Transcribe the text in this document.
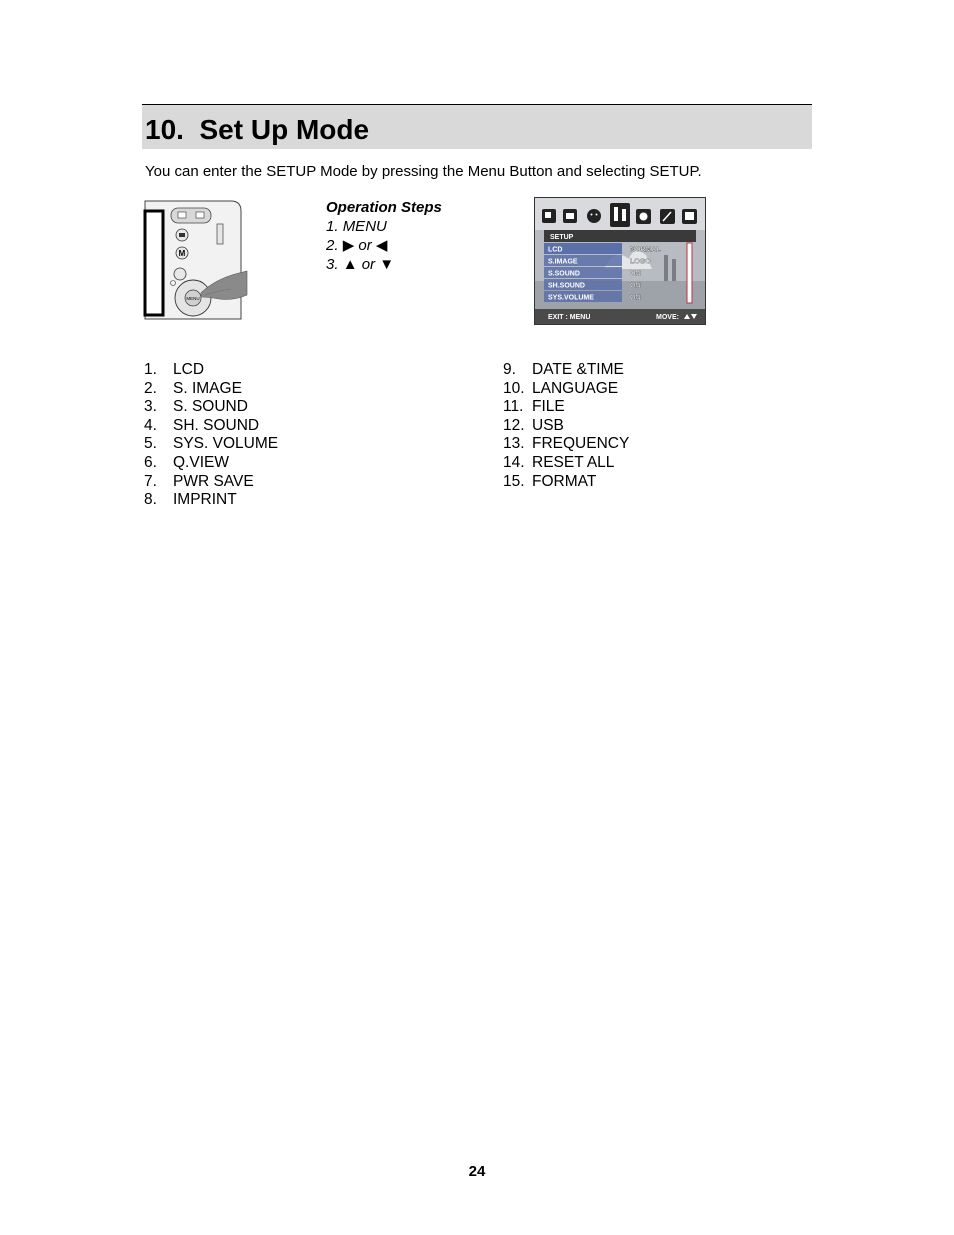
10. Set Up Mode
You can enter the SETUP Mode by pressing the Menu Button and selecting SETUP.
M
MENU
Operation Steps
1. MENU
2. ▶ or ◀
3. ▲ or ▼
SETUP
LCD
S.IMAGE
S.SOUND
SH.SOUND
SYS.VOLUME
NORMAL
LOGO
ON
ON
ON
EXIT : MENU	MOVE:
1.	LCD
2.	S. IMAGE
3.	S. SOUND
4.	SH. SOUND
5.	SYS. VOLUME
6.	Q.VIEW
7.	PWR SAVE
8.	IMPRINT
9.	DATE &TIME
10. LANGUAGE
11. FILE
12. USB
13. FREQUENCY
14. RESET ALL
15. FORMAT
24
